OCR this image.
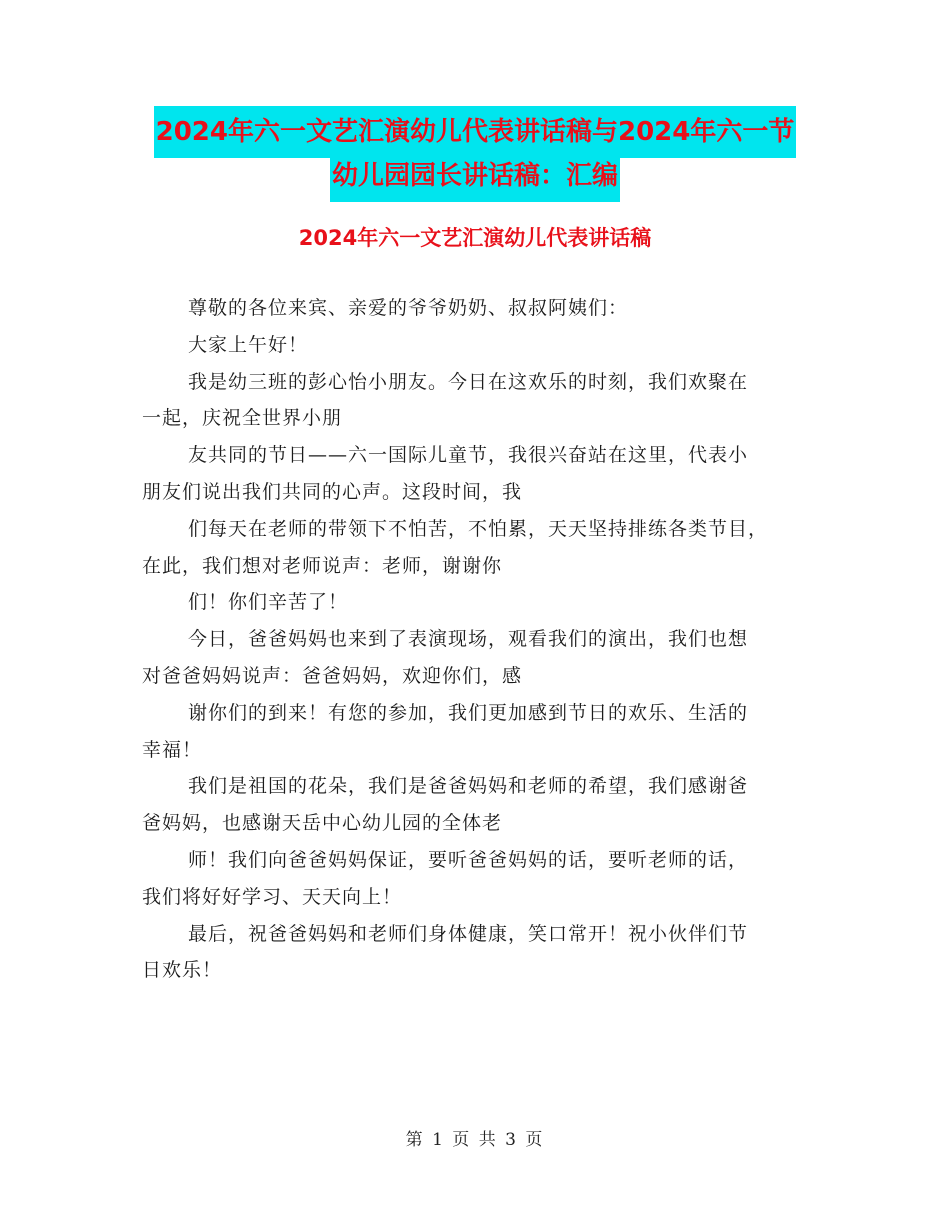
2024年六一文艺汇演幼儿代表讲话稿与2024年六一节
幼儿园园长讲话稿：汇编
2024年六一文艺汇演幼儿代表讲话稿
尊敬的各位来宾、亲爱的爷爷奶奶、叔叔阿姨们：
大家上午好！
我是幼三班的彭心怡小朋友。今日在这欢乐的时刻，我们欢聚在
一起，庆祝全世界小朋
友共同的节日——六一国际儿童节，我很兴奋站在这里，代表小
朋友们说出我们共同的心声。这段时间，我
们每天在老师的带领下不怕苦，不怕累，天天坚持排练各类节目，
在此，我们想对老师说声：老师，谢谢你
们！你们辛苦了！
今日，爸爸妈妈也来到了表演现场，观看我们的演出，我们也想
对爸爸妈妈说声：爸爸妈妈，欢迎你们，感
谢你们的到来！有您的参加，我们更加感到节日的欢乐、生活的
幸福！
我们是祖国的花朵，我们是爸爸妈妈和老师的希望，我们感谢爸
爸妈妈，也感谢天岳中心幼儿园的全体老
师！我们向爸爸妈妈保证，要听爸爸妈妈的话，要听老师的话，
我们将好好学习、天天向上！
最后，祝爸爸妈妈和老师们身体健康，笑口常开！祝小伙伴们节
日欢乐！
第 1 页 共 3 页
